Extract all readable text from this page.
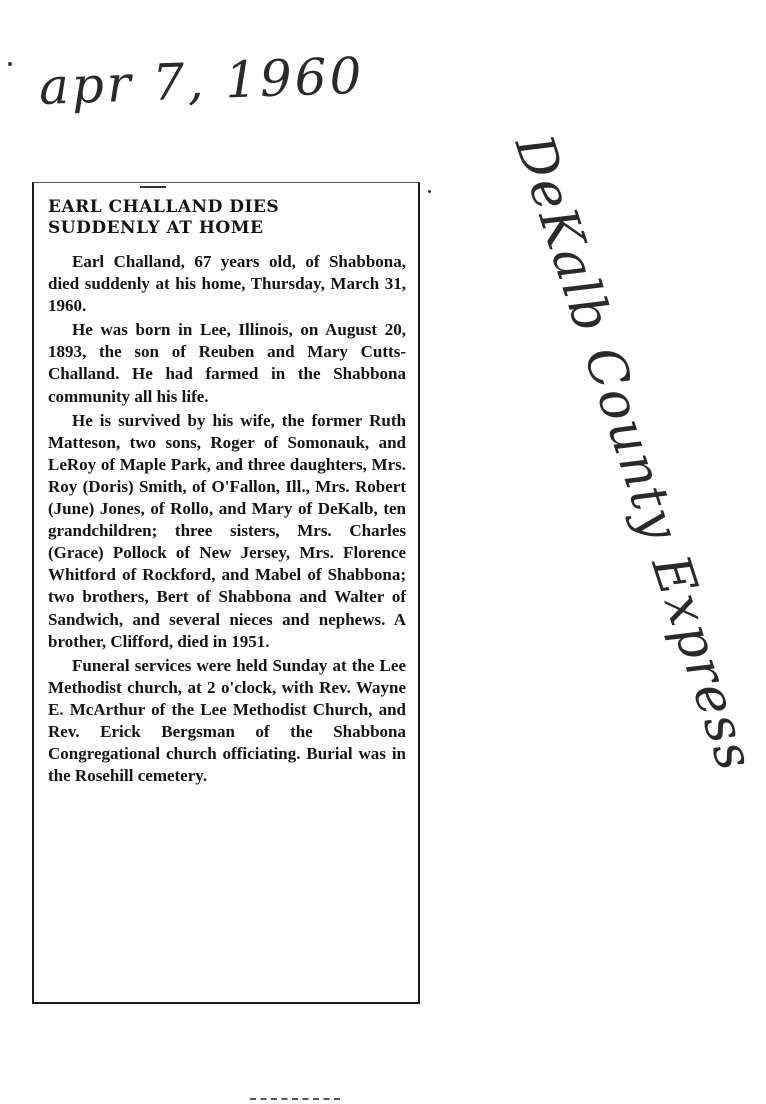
apr 7, 1960
DeKalb County Express
EARL CHALLAND DIES
SUDDENLY AT HOME

Earl Challand, 67 years old, of Shabbona, died suddenly at his home, Thursday, March 31, 1960.

He was born in Lee, Illinois, on August 20, 1893, the son of Reuben and Mary Cutts-Challand. He had farmed in the Shabbona community all his life.

He is survived by his wife, the former Ruth Matteson, two sons, Roger of Somonauk, and LeRoy of Maple Park, and three daughters, Mrs. Roy (Doris) Smith, of O'Fallon, Ill., Mrs. Robert (June) Jones, of Rollo, and Mary of DeKalb, ten grandchildren; three sisters, Mrs. Charles (Grace) Pollock of New Jersey, Mrs. Florence Whitford of Rockford, and Mabel of Shabbona; two brothers, Bert of Shabbona and Walter of Sandwich, and several nieces and nephews. A brother, Clifford, died in 1951.

Funeral services were held Sunday at the Lee Methodist church, at 2 o'clock, with Rev. Wayne E. McArthur of the Lee Methodist Church, and Rev. Erick Bergsman of the Shabbona Congregational church officiating. Burial was in the Rosehill cemetery.
